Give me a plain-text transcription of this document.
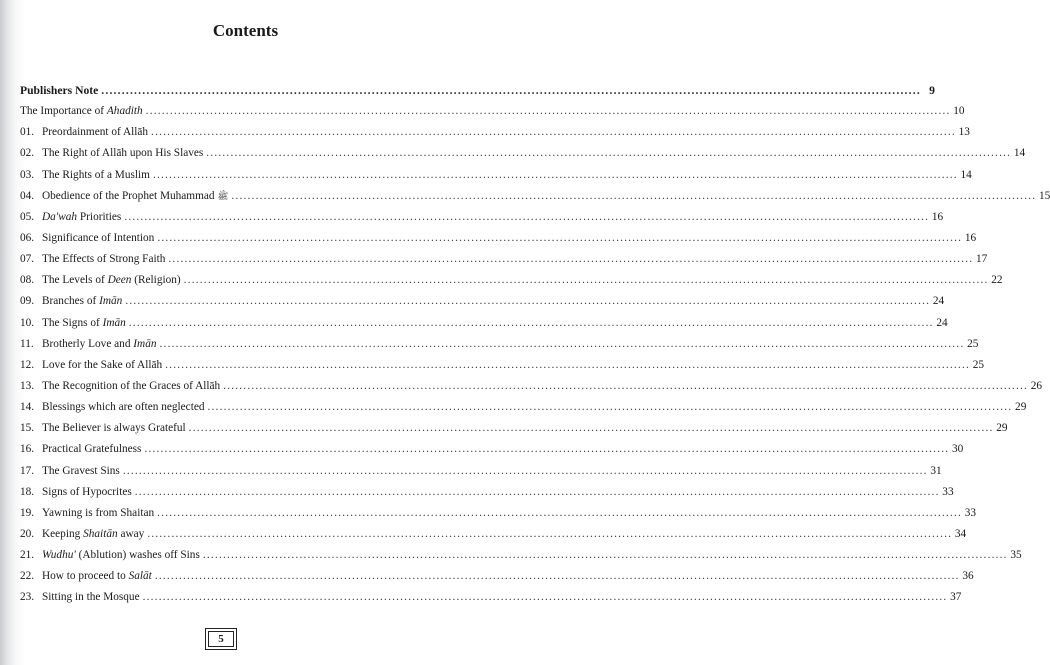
Contents
Publishers Note ........................................................................................................................................................................................................ 9
The Importance of Ahadith ........................................................................................................................................................................................................ 10
01. Preordainment of Allāh ........................................................................................................................................................................................................ 13
02. The Right of Allāh upon His Slaves ........................................................................................................................................................................................................ 14
03. The Rights of a Muslim ........................................................................................................................................................................................................ 14
04. Obedience of the Prophet Muhammad ﷺ ........................................................................................................................................................................................................ 15
05. Da'wah Priorities ........................................................................................................................................................................................................ 16
06. Significance of Intention ........................................................................................................................................................................................................ 16
07. The Effects of Strong Faith ........................................................................................................................................................................................................ 17
08. The Levels of Deen (Religion) ........................................................................................................................................................................................................ 22
09. Branches of Imān ........................................................................................................................................................................................................ 24
10. The Signs of Imān ........................................................................................................................................................................................................ 24
11. Brotherly Love and Imān ........................................................................................................................................................................................................ 25
12. Love for the Sake of Allāh ........................................................................................................................................................................................................ 25
13. The Recognition of the Graces of Allāh ........................................................................................................................................................................................................ 26
14. Blessings which are often neglected ........................................................................................................................................................................................................ 29
15. The Believer is always Grateful ........................................................................................................................................................................................................ 29
16. Practical Gratefulness ........................................................................................................................................................................................................ 30
17. The Gravest Sins ........................................................................................................................................................................................................ 31
18. Signs of Hypocrites ........................................................................................................................................................................................................ 33
19. Yawning is from Shaitan ........................................................................................................................................................................................................ 33
20. Keeping Shaitān away ........................................................................................................................................................................................................ 34
21. Wudhu' (Ablution) washes off Sins ........................................................................................................................................................................................................ 35
22. How to proceed to Salāt ........................................................................................................................................................................................................ 36
23. Sitting in the Mosque ........................................................................................................................................................................................................ 37
5
